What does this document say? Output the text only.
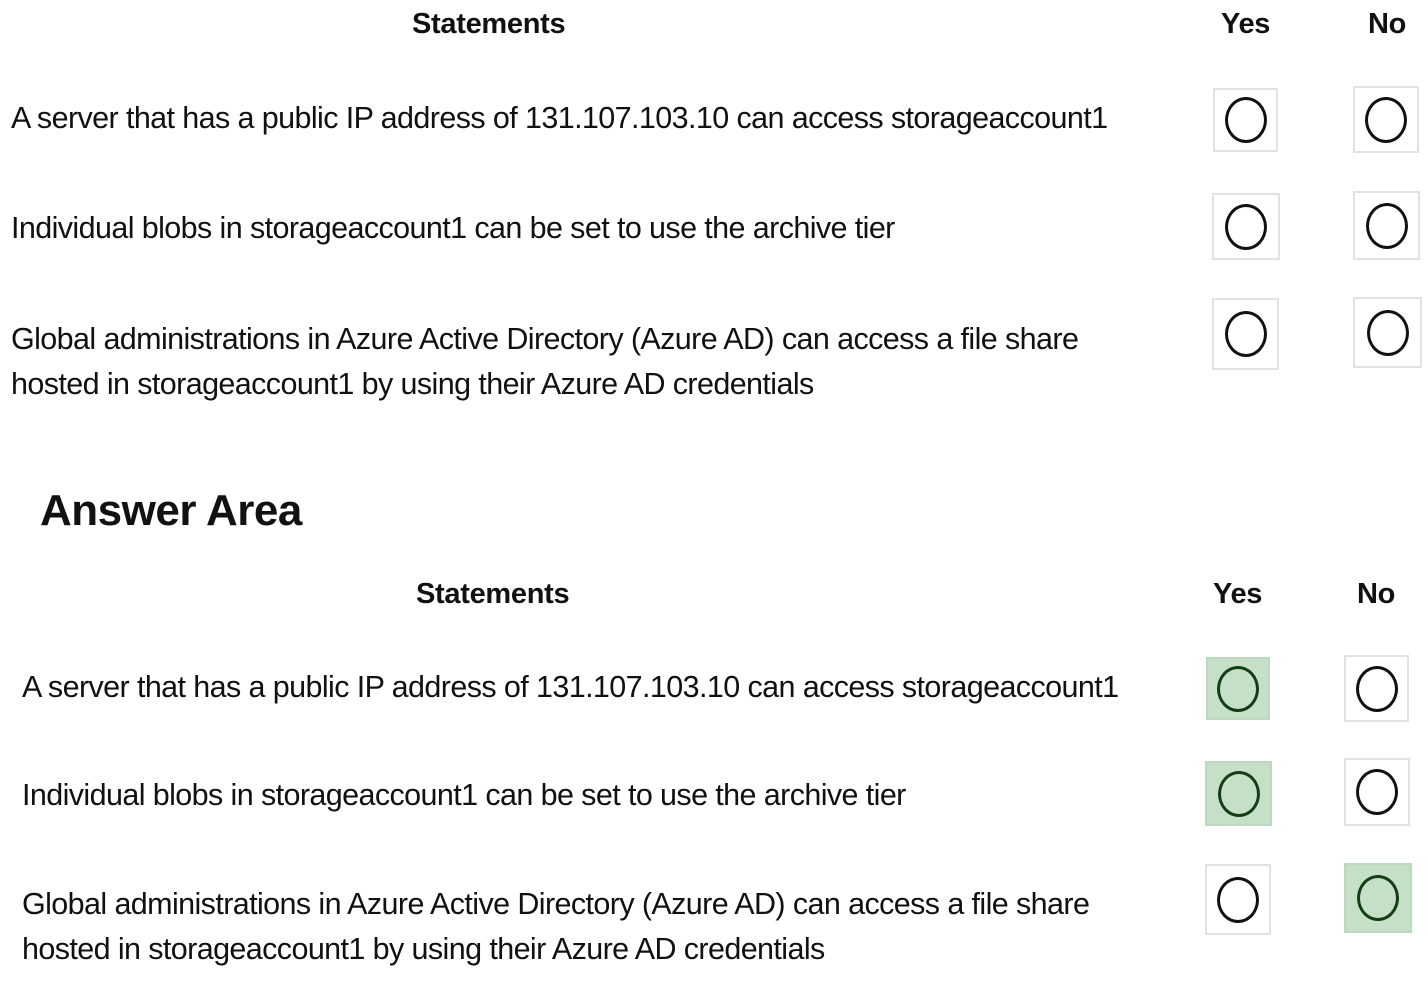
Statements	Yes	No
A server that has a public IP address of 131.107.103.10 can access storageaccount1
Individual blobs in storageaccount1 can be set to use the archive tier
Global administrations in Azure Active Directory (Azure AD) can access a file share
hosted in storageaccount1 by using their Azure AD credentials
Answer Area
Statements	Yes	No
A server that has a public IP address of 131.107.103.10 can access storageaccount1
Individual blobs in storageaccount1 can be set to use the archive tier
Global administrations in Azure Active Directory (Azure AD) can access a file share
hosted in storageaccount1 by using their Azure AD credentials
